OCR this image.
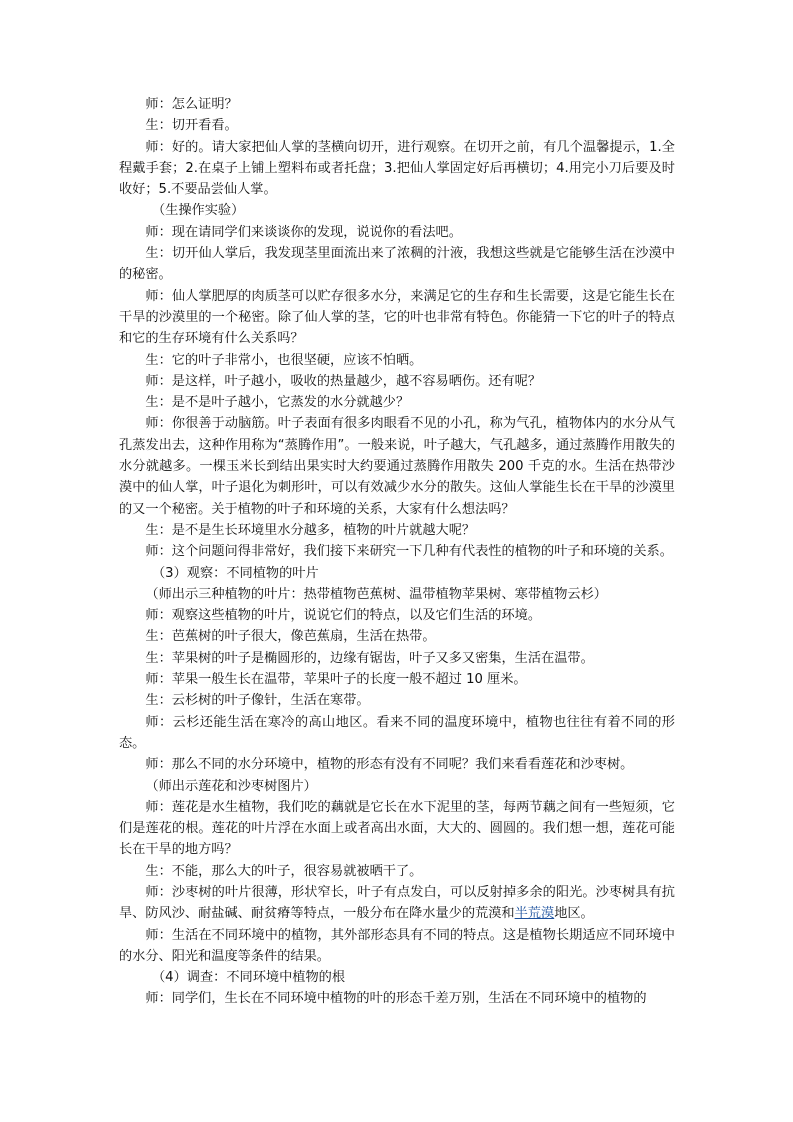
师：怎么证明？

生：切开看看。

师：好的。请大家把仙人掌的茎横向切开，进行观察。在切开之前，有几个温馨提示，1.全程戴手套；2.在桌子上铺上塑料布或者托盘；3.把仙人掌固定好后再横切；4.用完小刀后要及时收好；5.不要品尝仙人掌。

（生操作实验）

师：现在请同学们来谈谈你的发现，说说你的看法吧。

生：切开仙人掌后，我发现茎里面流出来了浓稠的汁液，我想这些就是它能够生活在沙漠中的秘密。

师：仙人掌肥厚的肉质茎可以贮存很多水分，来满足它的生存和生长需要，这是它能生长在干旱的沙漠里的一个秘密。除了仙人掌的茎，它的叶也非常有特色。你能猜一下它的叶子的特点和它的生存环境有什么关系吗？

生：它的叶子非常小，也很坚硬，应该不怕晒。

师：是这样，叶子越小，吸收的热量越少，越不容易晒伤。还有呢？

生：是不是叶子越小，它蒸发的水分就越少？

师：你很善于动脑筋。叶子表面有很多肉眼看不见的小孔，称为气孔，植物体内的水分从气孔蒸发出去，这种作用称为“蒸腾作用”。一般来说，叶子越大，气孔越多，通过蒸腾作用散失的水分就越多。一棵玉米长到结出果实时大约要通过蒸腾作用散失 200 千克的水。生活在热带沙漠中的仙人掌，叶子退化为刺形叶，可以有效减少水分的散失。这仙人掌能生长在干旱的沙漠里的又一个秘密。关于植物的叶子和环境的关系，大家有什么想法吗？

生：是不是生长环境里水分越多，植物的叶片就越大呢？

师：这个问题问得非常好，我们接下来研究一下几种有代表性的植物的叶子和环境的关系。

（3）观察：不同植物的叶片

（师出示三种植物的叶片：热带植物芭蕉树、温带植物苹果树、寒带植物云杉）

师：观察这些植物的叶片，说说它们的特点，以及它们生活的环境。

生：芭蕉树的叶子很大，像芭蕉扇，生活在热带。

生：苹果树的叶子是椭圆形的，边缘有锯齿，叶子又多又密集，生活在温带。

师：苹果一般生长在温带，苹果叶子的长度一般不超过 10 厘米。

生：云杉树的叶子像针，生活在寒带。

师：云杉还能生活在寒冷的高山地区。看来不同的温度环境中，植物也往往有着不同的形态。

师：那么不同的水分环境中，植物的形态有没有不同呢？我们来看看莲花和沙枣树。

（师出示莲花和沙枣树图片）

师：莲花是水生植物，我们吃的藕就是它长在水下泥里的茎，每两节藕之间有一些短须，它们是莲花的根。莲花的叶片浮在水面上或者高出水面，大大的、圆圆的。我们想一想，莲花可能长在干旱的地方吗？

生：不能，那么大的叶子，很容易就被晒干了。

师：沙枣树的叶片很薄，形状窄长，叶子有点发白，可以反射掉多余的阳光。沙枣树具有抗旱、防风沙、耐盐碱、耐贫瘠等特点，一般分布在降水量少的荒漠和半荒漠地区。

师：生活在不同环境中的植物，其外部形态具有不同的特点。这是植物长期适应不同环境中的水分、阳光和温度等条件的结果。

（4）调查：不同环境中植物的根

师：同学们，生长在不同环境中植物的叶的形态千差万别，生活在不同环境中的植物的
